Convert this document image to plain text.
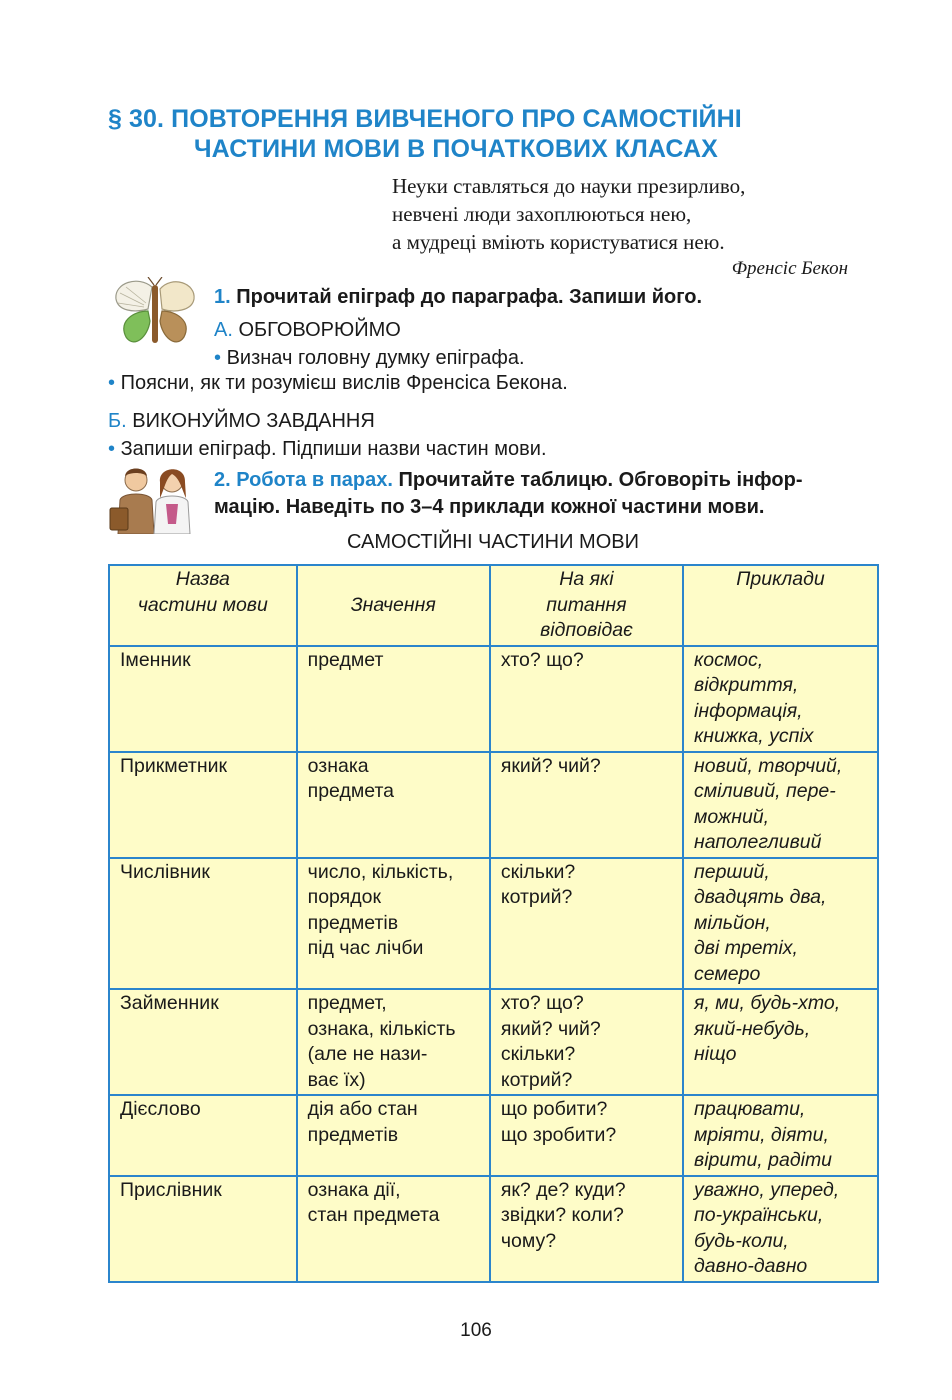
§ 30. ПОВТОРЕННЯ ВИВЧЕНОГО ПРО САМОСТІЙНІ
ЧАСТИНИ МОВИ В ПОЧАТКОВИХ КЛАСАХ
Неуки ставляться до науки презирливо,
невчені люди захоплюються нею,
а мудреці вміють користуватися нею.
Френсіс Бекон
1. Прочитай епіграф до параграфа. Запиши його.
А. ОБГОВОРЮЙМО
• Визнач головну думку епіграфа.
• Поясни, як ти розумієш вислів Френсіса Бекона.
Б. ВИКОНУЙМО ЗАВДАННЯ
• Запиши епіграф. Підпиши назви частин мови.
2. Робота в парах. Прочитайте таблицю. Обговоріть інфор-
мацію. Наведіть по 3–4 приклади кожної частини мови.
САМОСТІЙНІ ЧАСТИНИ МОВИ
Назва
частини мови	Значення	На які
питання
відповідає	Приклади

Іменник	предмет	хто? що?	космос,
відкриття,
інформація,
книжка, успіх

Прикметник	ознака
предмета	який? чий?	новий, творчий,
сміливий, пере-
можний,
наполегливий

Числівник	число, кількість,
порядок
предметів
під час лічби	скільки?
котрий?	перший,
двадцять два,
мільйон,
дві третіх,
семеро

Займенник	предмет,
ознака, кількість
(але не нази-
ває їх)	хто? що?
який? чий?
скільки?
котрий?	я, ми, будь-хто,
який-небудь,
ніщо

Дієслово	дія або стан
предметів	що робити?
що зробити?	працювати,
мріяти, діяти,
вірити, радіти

Прислівник	ознака дії,
стан предмета	як? де? куди?
звідки? коли?
чому?	уважно, уперед,
по-українськи,
будь-коли,
давно-давно
106
